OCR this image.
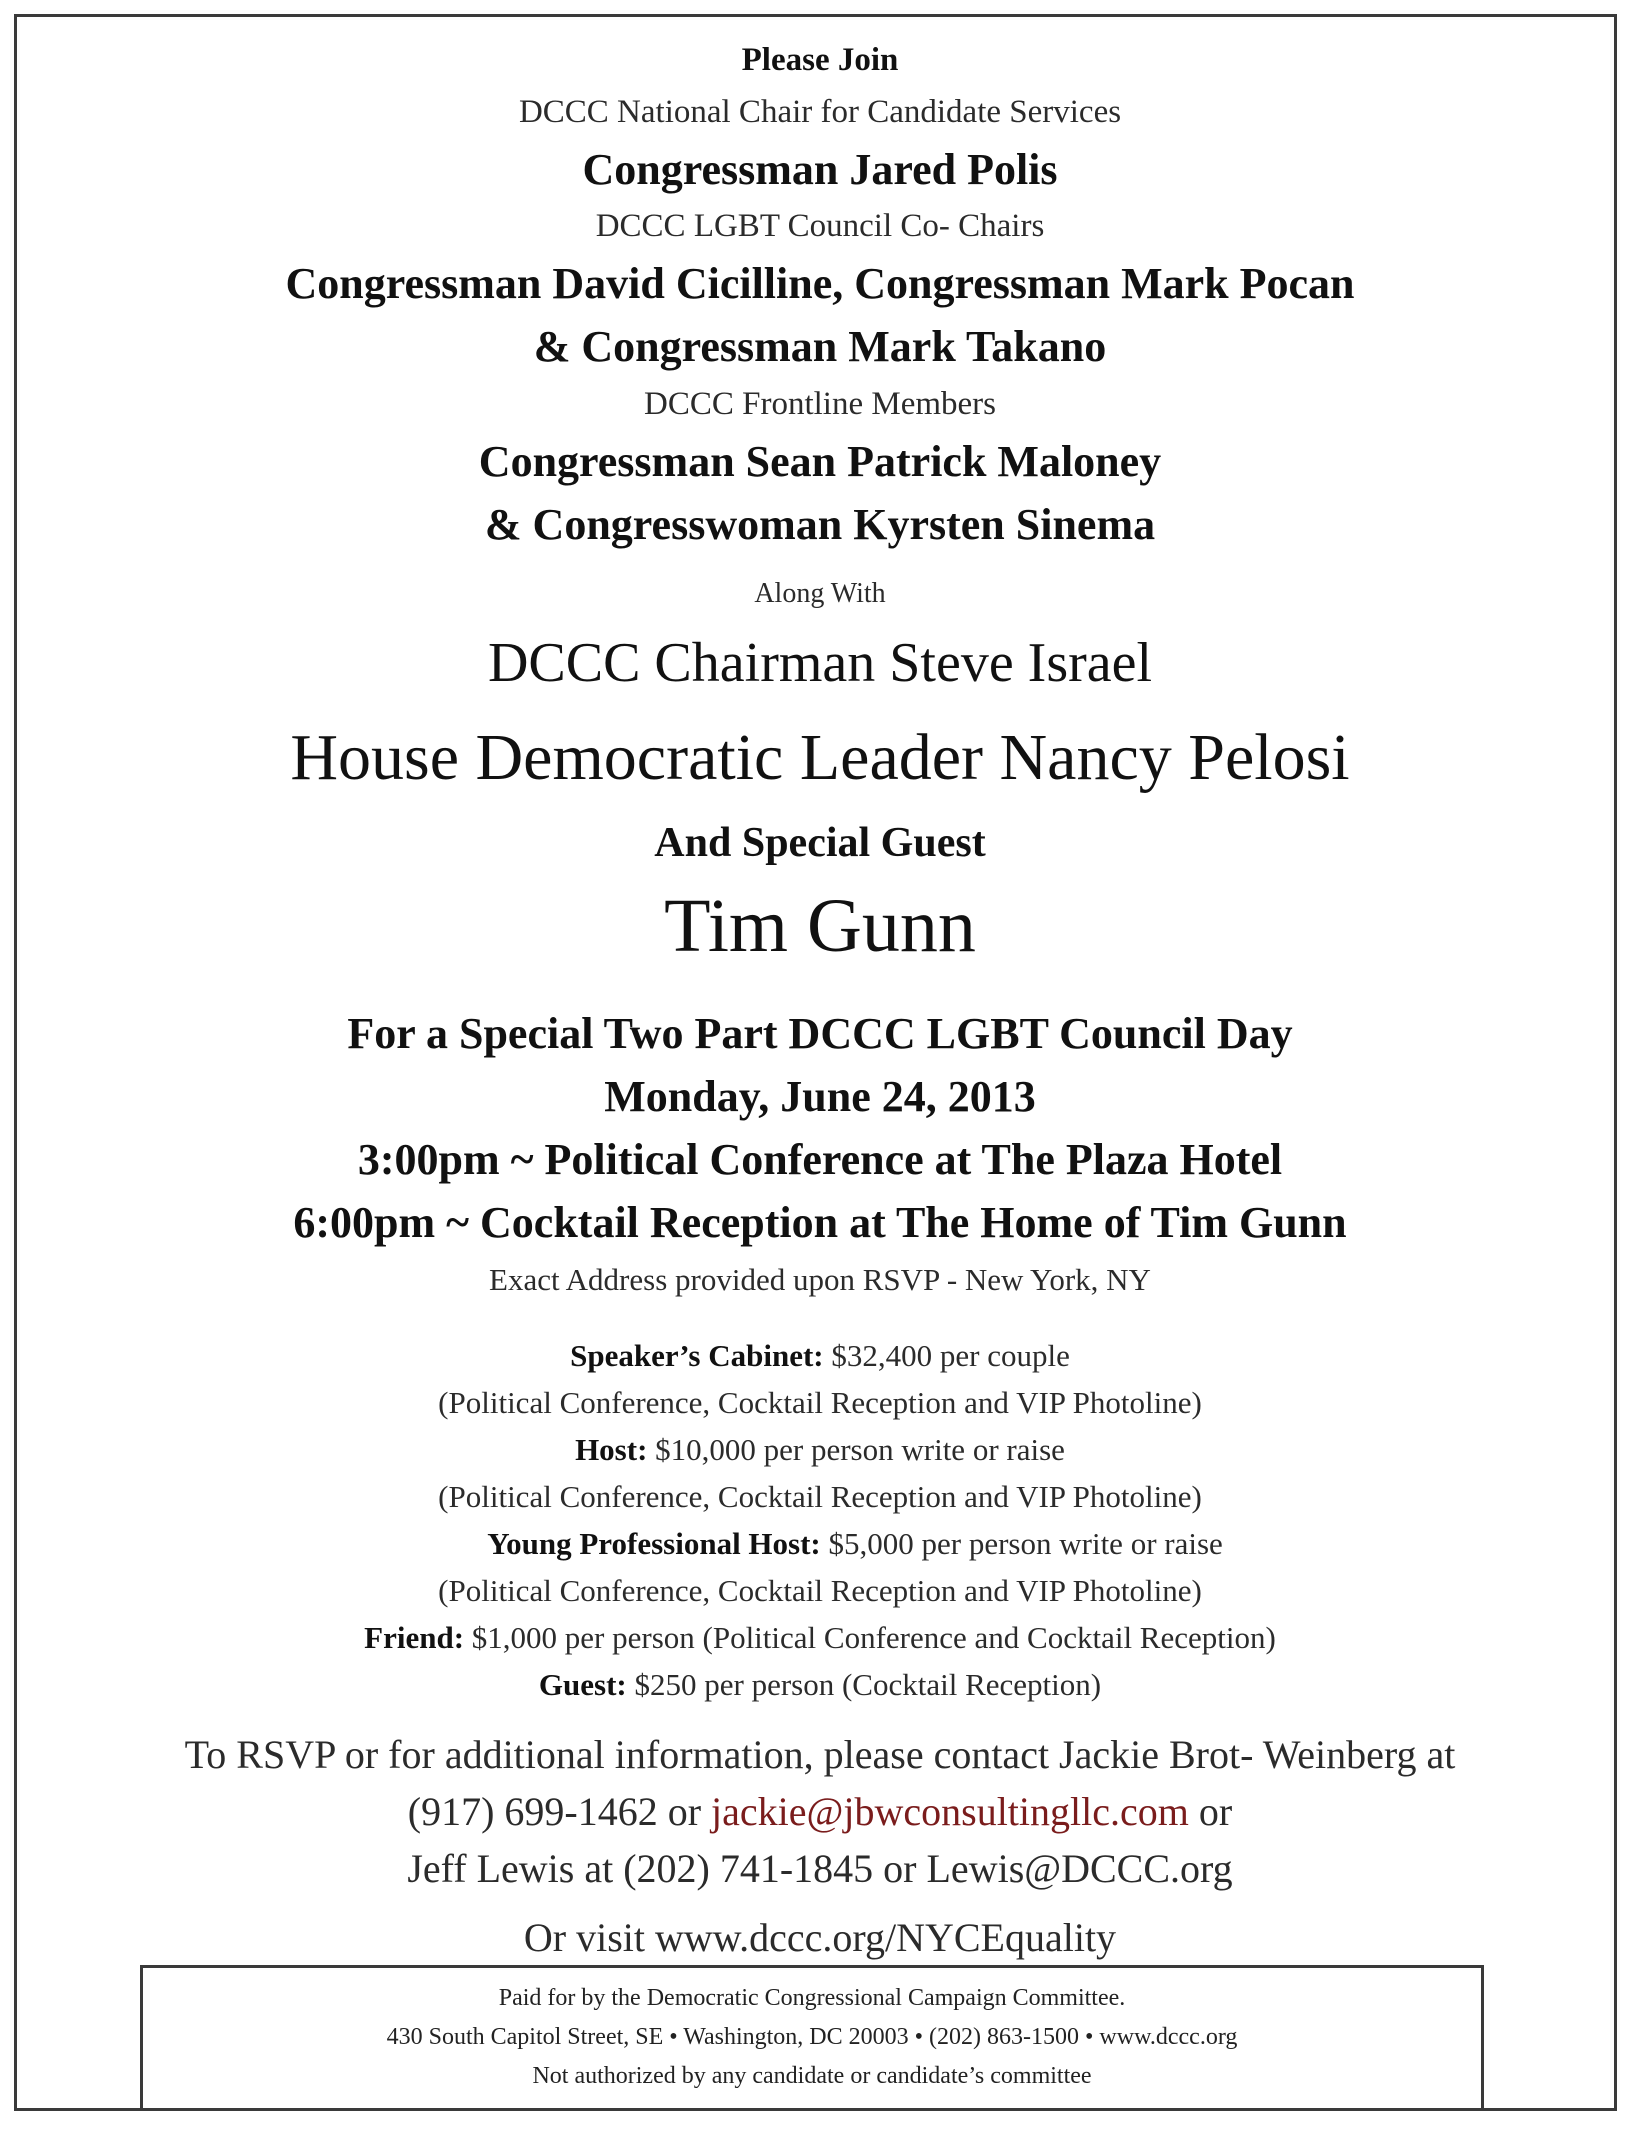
Please Join
DCCC National Chair for Candidate Services
Congressman Jared Polis
DCCC LGBT Council Co- Chairs
Congressman David Cicilline, Congressman Mark Pocan
& Congressman Mark Takano
DCCC Frontline Members
Congressman Sean Patrick Maloney
& Congresswoman Kyrsten Sinema
Along With
DCCC Chairman Steve Israel
House Democratic Leader Nancy Pelosi
And Special Guest
Tim Gunn
For a Special Two Part DCCC LGBT Council Day
Monday, June 24, 2013
3:00pm ~ Political Conference at The Plaza Hotel
6:00pm ~ Cocktail Reception at The Home of Tim Gunn
Exact Address provided upon RSVP - New York, NY
Speaker’s Cabinet: $32,400 per couple
(Political Conference, Cocktail Reception and VIP Photoline)
Host: $10,000 per person write or raise
(Political Conference, Cocktail Reception and VIP Photoline)
Young Professional Host: $5,000 per person write or raise
(Political Conference, Cocktail Reception and VIP Photoline)
Friend: $1,000 per person (Political Conference and Cocktail Reception)
Guest: $250 per person (Cocktail Reception)
To RSVP or for additional information, please contact Jackie Brot- Weinberg at
(917) 699-1462 or jackie@jbwconsultingllc.com or
Jeff Lewis at (202) 741-1845 or Lewis@DCCC.org
Or visit www.dccc.org/NYCEquality
Paid for by the Democratic Congressional Campaign Committee.
430 South Capitol Street, SE • Washington, DC 20003 • (202) 863-1500 • www.dccc.org
Not authorized by any candidate or candidate’s committee
